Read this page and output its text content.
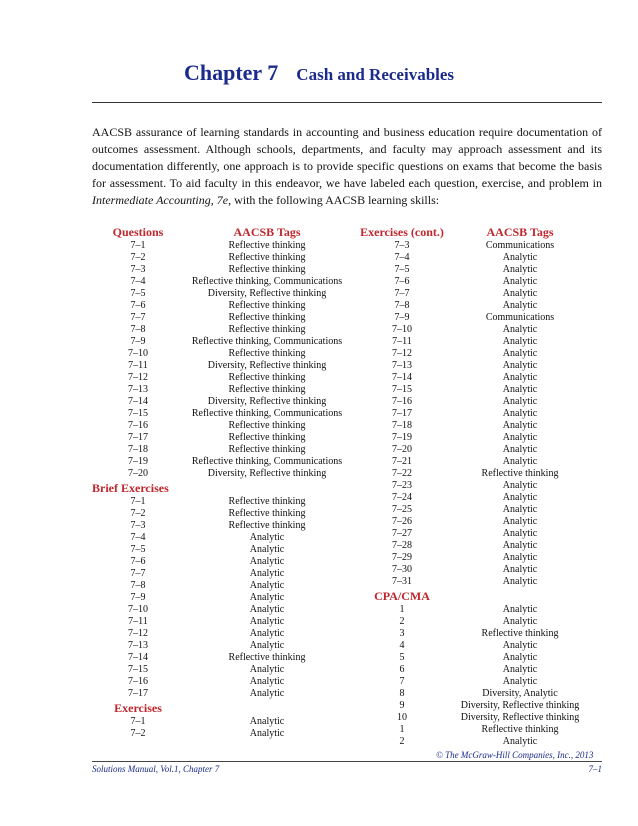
Chapter 7 Cash and Receivables
AACSB assurance of learning standards in accounting and business education require documentation of outcomes assessment. Although schools, departments, and faculty may approach assessment and its documentation differently, one approach is to provide specific questions on exams that become the basis for assessment. To aid faculty in this endeavor, we have labeled each question, exercise, and problem in Intermediate Accounting, 7e, with the following AACSB learning skills:
Questions
7–1
7–2
7–3
7–4
7–5
7–6
7–7
7–8
7–9
7–10
7–11
7–12
7–13
7–14
7–15
7–16
7–17
7–18
7–19
7–20
Brief Exercises
7–1
7–2
7–3
7–4
7–5
7–6
7–7
7–8
7–9
7–10
7–11
7–12
7–13
7–14
7–15
7–16
7–17
Exercises
7–1
7–2
AACSB Tags
Reflective thinking
Reflective thinking
Reflective thinking
Reflective thinking, Communications
Diversity, Reflective thinking
Reflective thinking
Reflective thinking
Reflective thinking
Reflective thinking, Communications
Reflective thinking
Diversity, Reflective thinking
Reflective thinking
Reflective thinking
Diversity, Reflective thinking
Reflective thinking, Communications
Reflective thinking
Reflective thinking
Reflective thinking
Reflective thinking, Communications
Diversity, Reflective thinking
Reflective thinking
Reflective thinking
Reflective thinking
Analytic
Analytic
Analytic
Analytic
Analytic
Analytic
Analytic
Analytic
Analytic
Analytic
Reflective thinking
Analytic
Analytic
Analytic
Analytic
Analytic
Exercises (cont.)
7–3
7–4
7–5
7–6
7–7
7–8
7–9
7–10
7–11
7–12
7–13
7–14
7–15
7–16
7–17
7–18
7–19
7–20
7–21
7–22
7–23
7–24
7–25
7–26
7–27
7–28
7–29
7–30
7–31
CPA/CMA
1
2
3
4
5
6
7
8
9
10
1
2
AACSB Tags
Communications
Analytic
Analytic
Analytic
Analytic
Analytic
Communications
Analytic
Analytic
Analytic
Analytic
Analytic
Analytic
Analytic
Analytic
Analytic
Analytic
Analytic
Analytic
Reflective thinking
Analytic
Analytic
Analytic
Analytic
Analytic
Analytic
Analytic
Analytic
Analytic
Analytic
Analytic
Reflective thinking
Analytic
Analytic
Analytic
Analytic
Diversity, Analytic
Diversity, Reflective thinking
Diversity, Reflective thinking
Reflective thinking
Analytic
© The McGraw-Hill Companies, Inc., 2013
Solutions Manual, Vol.1, Chapter 7	7–1
